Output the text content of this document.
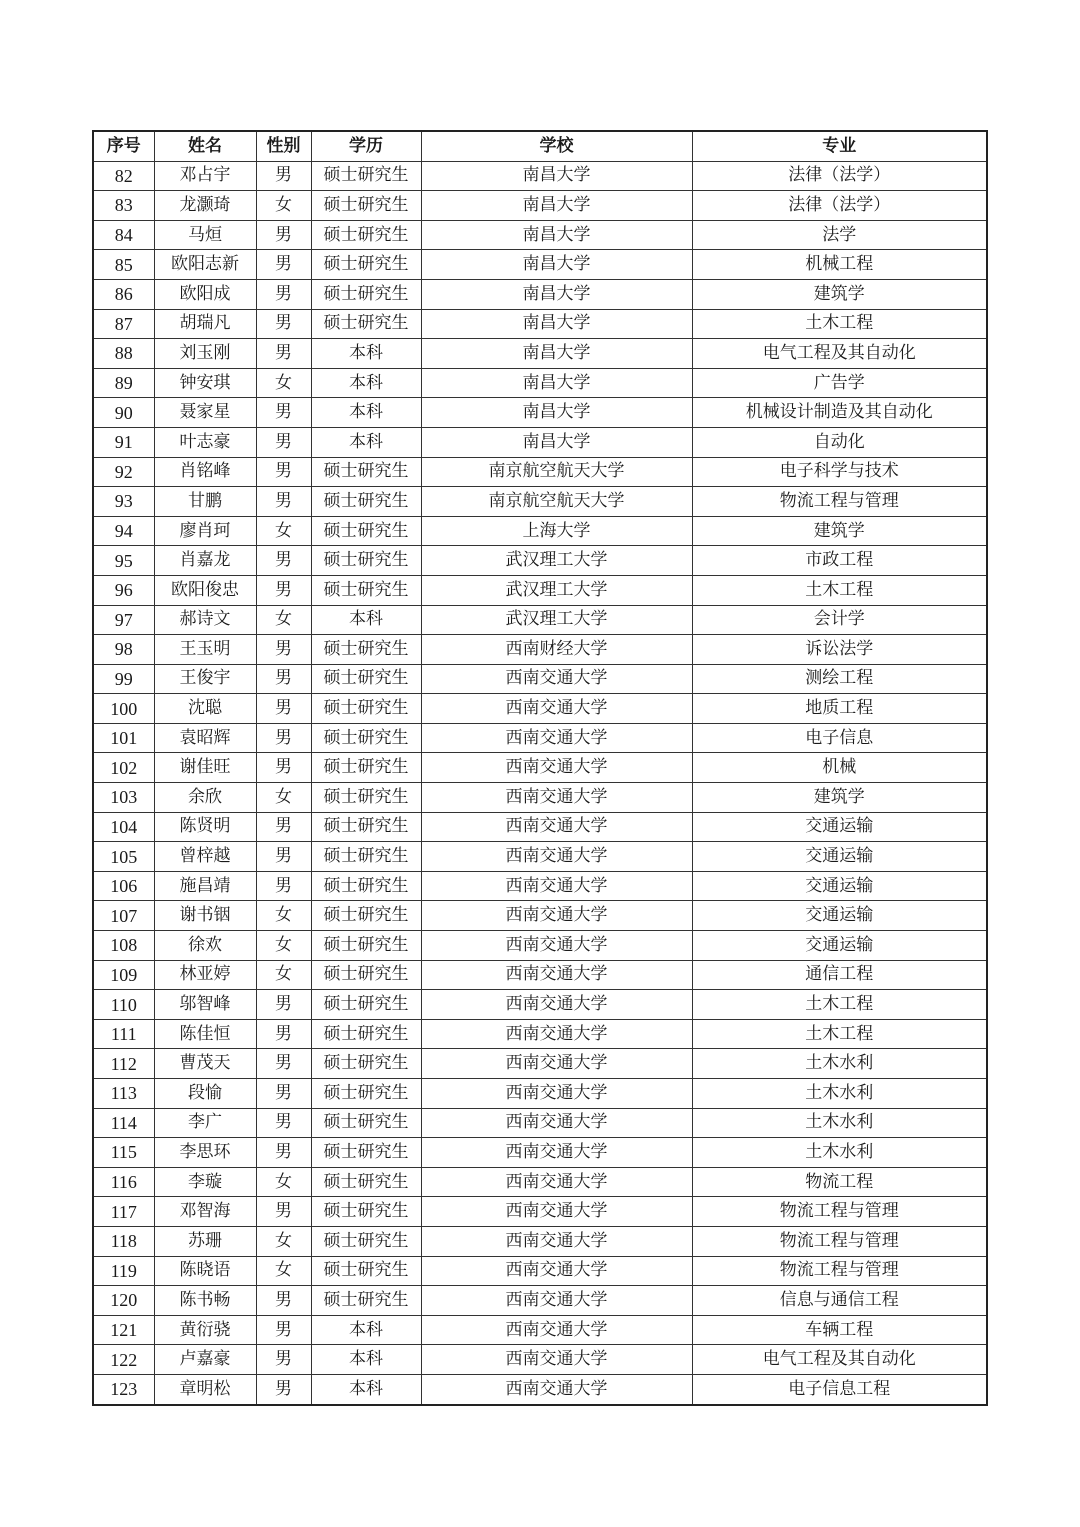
序号	姓名	性别	学历	学校	专业
82	邓占宇	男	硕士研究生	南昌大学	法律（法学）
83	龙灏琦	女	硕士研究生	南昌大学	法律（法学）
84	马烜	男	硕士研究生	南昌大学	法学
85	欧阳志新	男	硕士研究生	南昌大学	机械工程
86	欧阳成	男	硕士研究生	南昌大学	建筑学
87	胡瑞凡	男	硕士研究生	南昌大学	土木工程
88	刘玉刚	男	本科	南昌大学	电气工程及其自动化
89	钟安琪	女	本科	南昌大学	广告学
90	聂家星	男	本科	南昌大学	机械设计制造及其自动化
91	叶志豪	男	本科	南昌大学	自动化
92	肖铭峰	男	硕士研究生	南京航空航天大学	电子科学与技术
93	甘鹏	男	硕士研究生	南京航空航天大学	物流工程与管理
94	廖肖珂	女	硕士研究生	上海大学	建筑学
95	肖嘉龙	男	硕士研究生	武汉理工大学	市政工程
96	欧阳俊忠	男	硕士研究生	武汉理工大学	土木工程
97	郝诗文	女	本科	武汉理工大学	会计学
98	王玉明	男	硕士研究生	西南财经大学	诉讼法学
99	王俊宇	男	硕士研究生	西南交通大学	测绘工程
100	沈聪	男	硕士研究生	西南交通大学	地质工程
101	袁昭辉	男	硕士研究生	西南交通大学	电子信息
102	谢佳旺	男	硕士研究生	西南交通大学	机械
103	余欣	女	硕士研究生	西南交通大学	建筑学
104	陈贤明	男	硕士研究生	西南交通大学	交通运输
105	曾梓越	男	硕士研究生	西南交通大学	交通运输
106	施昌靖	男	硕士研究生	西南交通大学	交通运输
107	谢书铟	女	硕士研究生	西南交通大学	交通运输
108	徐欢	女	硕士研究生	西南交通大学	交通运输
109	林亚婷	女	硕士研究生	西南交通大学	通信工程
110	邬智峰	男	硕士研究生	西南交通大学	土木工程
111	陈佳恒	男	硕士研究生	西南交通大学	土木工程
112	曹茂天	男	硕士研究生	西南交通大学	土木水利
113	段愉	男	硕士研究生	西南交通大学	土木水利
114	李广	男	硕士研究生	西南交通大学	土木水利
115	李思环	男	硕士研究生	西南交通大学	土木水利
116	李璇	女	硕士研究生	西南交通大学	物流工程
117	邓智海	男	硕士研究生	西南交通大学	物流工程与管理
118	苏珊	女	硕士研究生	西南交通大学	物流工程与管理
119	陈晓语	女	硕士研究生	西南交通大学	物流工程与管理
120	陈书畅	男	硕士研究生	西南交通大学	信息与通信工程
121	黄衍骁	男	本科	西南交通大学	车辆工程
122	卢嘉豪	男	本科	西南交通大学	电气工程及其自动化
123	章明松	男	本科	西南交通大学	电子信息工程
